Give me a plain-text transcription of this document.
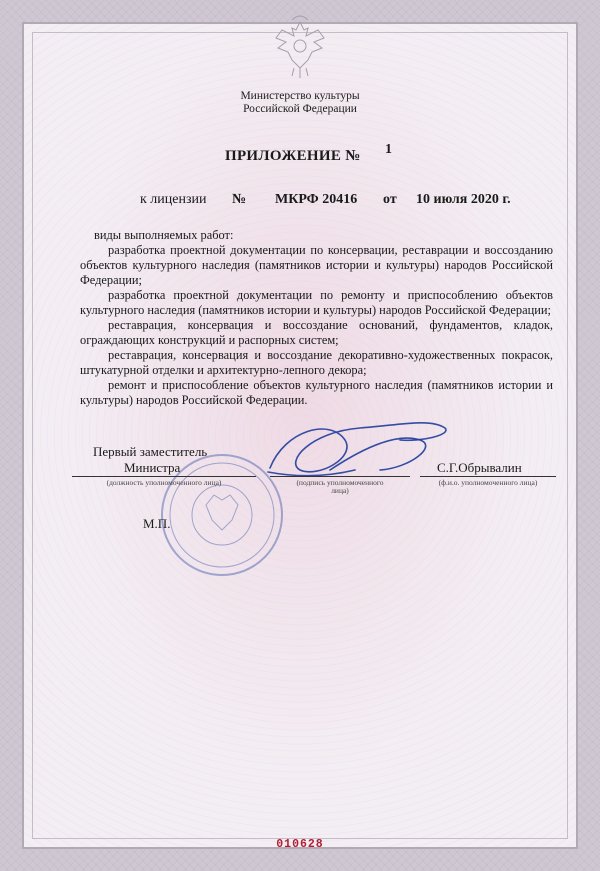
Министерство культуры
Российской Федерации
ПРИЛОЖЕНИЕ № 1
к лицензии № МКРФ 20416 от 10 июля 2020 г.

виды выполняемых работ:

разработка проектной документации по консервации, реставрации и воссозданию объектов культурного наследия (памятников истории и культуры) народов Российской Федерации;

разработка проектной документации по ремонту и приспособлению объектов культурного наследия (памятников истории и культуры) народов Российской Федерации;

реставрация, консервация и воссоздание оснований, фундаментов, кладок, ограждающих конструкций и распорных систем;

реставрация, консервация и воссоздание декоративно-художественных покрасок, штукатурной отделки и архитектурно-лепного декора;

ремонт и приспособление объектов культурного наследия (памятников истории и культуры) народов Российской Федерации.

Первый заместитель
Министра
(должность уполномоченного лица)	(подпись уполномоченного
лица)
С.Г.Обрывалин
(ф.и.о. уполномоченного лица)
М.П.
010628
